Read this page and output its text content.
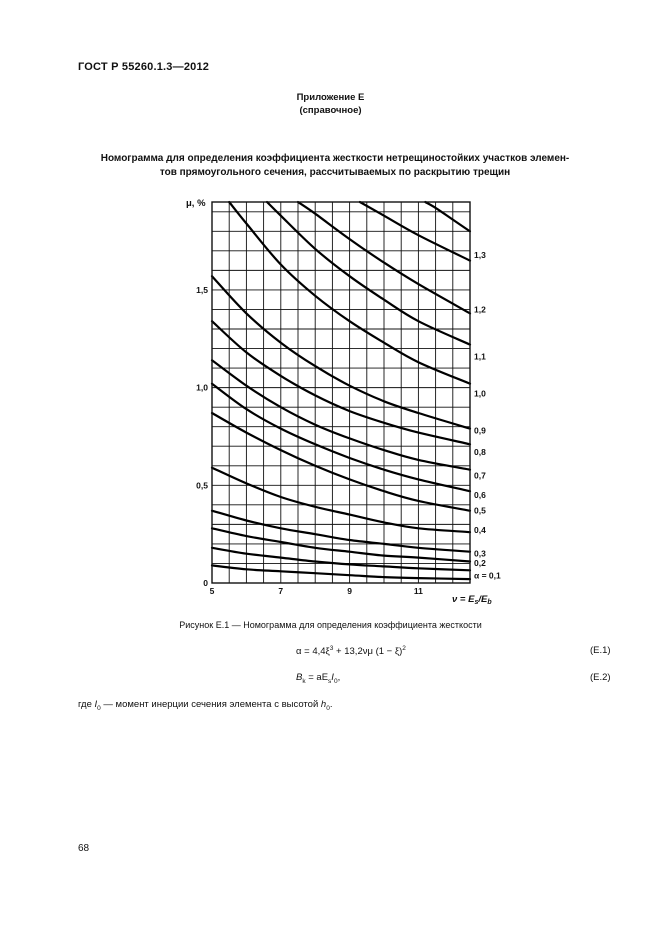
ГОСТ Р 55260.1.3—2012
Приложение Е
(справочное)
Номограмма для определения коэффициента жесткости нетрещиностойких участков элемен-
тов прямоугольного сечения, рассчитываемых по раскрытию трещин
α = 0,1
0,2
0,3
0,4
0,5
0,6
0,7
0,8
0,9
1,0
1,1
1,2
1,3
0
0,5
1,0
1,5
5	7	9	11
μ, %
$\nu = E_s/E_b$
Рисунок Е.1 — Номограмма для определения коэффициента жесткости
$\alpha = 4,4\xi^3 + 13,2\nu\mu$ $(1 - \xi)^2$	(Е.1)
$B_k = aE_sI_0$,	(Е.2)
где $I_0$ — момент инерции сечения элемента с высотой $h_0$.
68
